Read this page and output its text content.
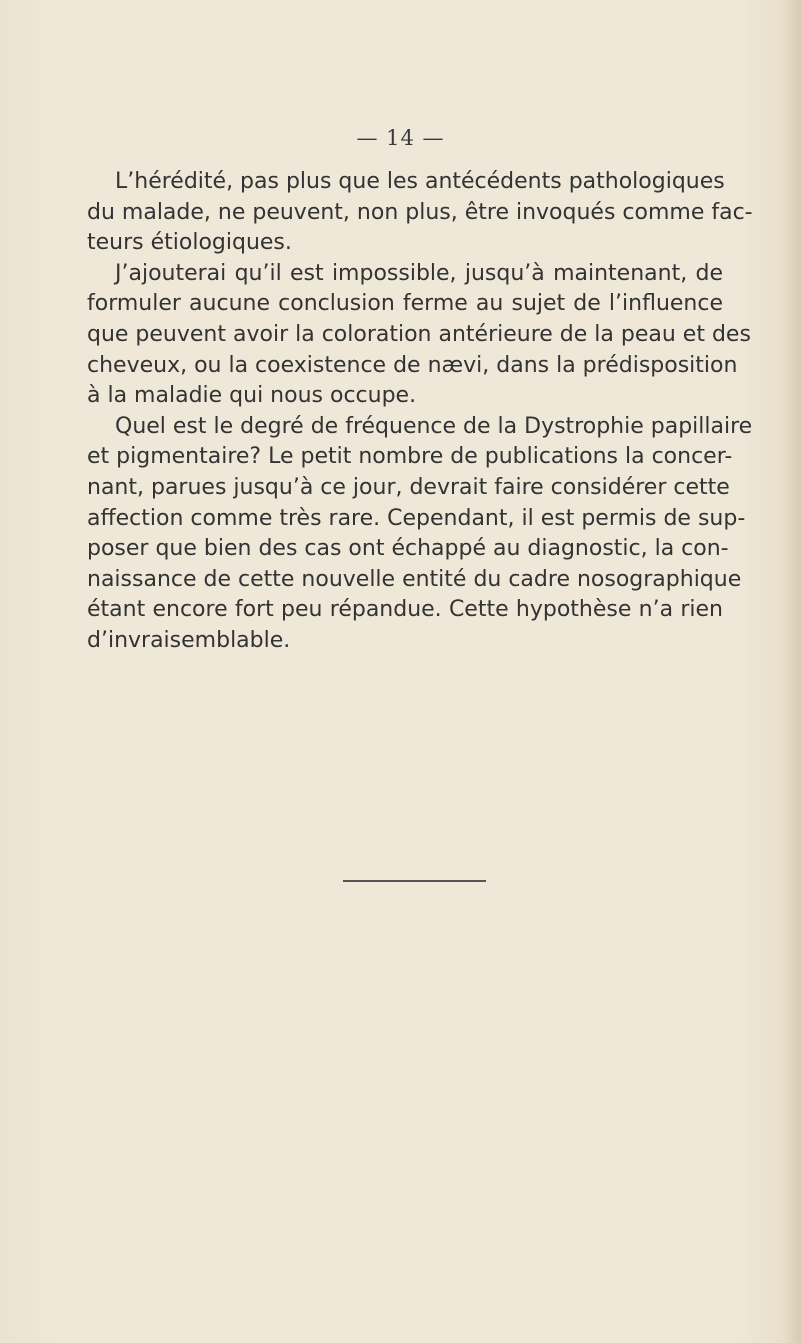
— 14 —

L’hérédité, pas plus que les antécédents pathologiques
du malade, ne peuvent, non plus, être invoqués comme fac-
teurs étiologiques.
J’ajouterai qu’il est impossible, jusqu’à maintenant, de
formuler aucune conclusion ferme au sujet de l’influence
que peuvent avoir la coloration antérieure de la peau et des
cheveux, ou la coexistence de nævi, dans la prédisposition
à la maladie qui nous occupe.
Quel est le degré de fréquence de la Dystrophie papillaire
et pigmentaire? Le petit nombre de publications la concer-
nant, parues jusqu’à ce jour, devrait faire considérer cette
affection comme très rare. Cependant, il est permis de sup-
poser que bien des cas ont échappé au diagnostic, la con-
naissance de cette nouvelle entité du cadre nosographique
étant encore fort peu répandue. Cette hypothèse n’a rien
d’invraisemblable.
